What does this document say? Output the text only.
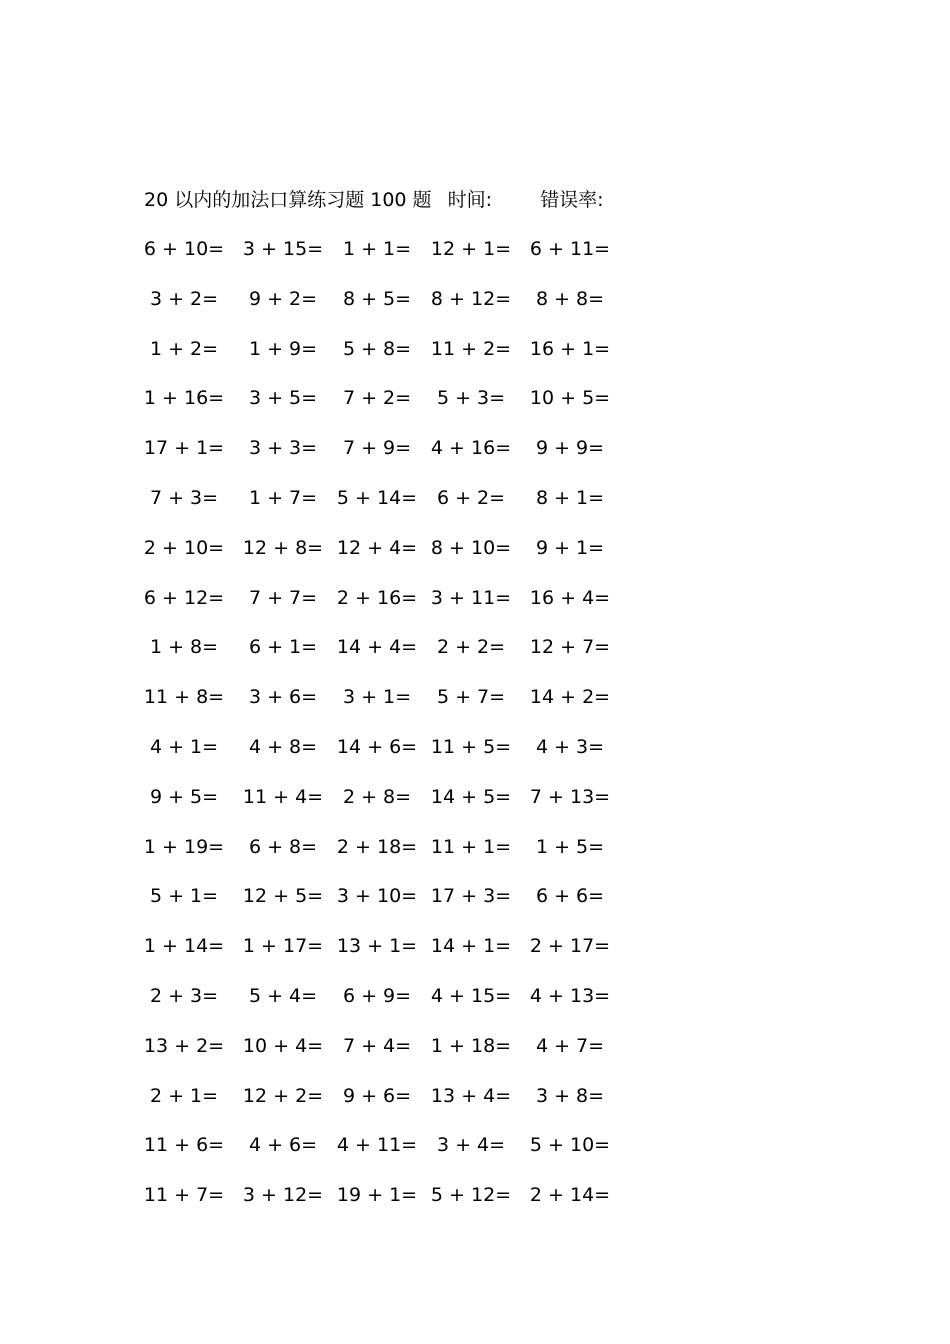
20 以内的加法口算练习题 100 题 时间:	错误率:
6 + 10= 3 + 15= 1 + 1= 12 + 1= 6 + 11=
3 + 2= 9 + 2= 8 + 5= 8 + 12= 8 + 8=
1 + 2= 1 + 9= 5 + 8= 11 + 2= 16 + 1=
1 + 16= 3 + 5= 7 + 2= 5 + 3= 10 + 5=
17 + 1= 3 + 3= 7 + 9= 4 + 16= 9 + 9=
7 + 3= 1 + 7= 5 + 14= 6 + 2= 8 + 1=
2 + 10= 12 + 8= 12 + 4= 8 + 10= 9 + 1=
6 + 12= 7 + 7= 2 + 16= 3 + 11= 16 + 4=
1 + 8= 6 + 1= 14 + 4= 2 + 2= 12 + 7=
11 + 8= 3 + 6= 3 + 1= 5 + 7= 14 + 2=
4 + 1= 4 + 8= 14 + 6= 11 + 5= 4 + 3=
9 + 5= 11 + 4= 2 + 8= 14 + 5= 7 + 13=
1 + 19= 6 + 8= 2 + 18= 11 + 1= 1 + 5=
5 + 1= 12 + 5= 3 + 10= 17 + 3= 6 + 6=
1 + 14= 1 + 17= 13 + 1= 14 + 1= 2 + 17=
2 + 3= 5 + 4= 6 + 9= 4 + 15= 4 + 13=
13 + 2= 10 + 4= 7 + 4= 1 + 18= 4 + 7=
2 + 1= 12 + 2= 9 + 6= 13 + 4= 3 + 8=
11 + 6= 4 + 6= 4 + 11= 3 + 4= 5 + 10=
11 + 7= 3 + 12= 19 + 1= 5 + 12= 2 + 14=
